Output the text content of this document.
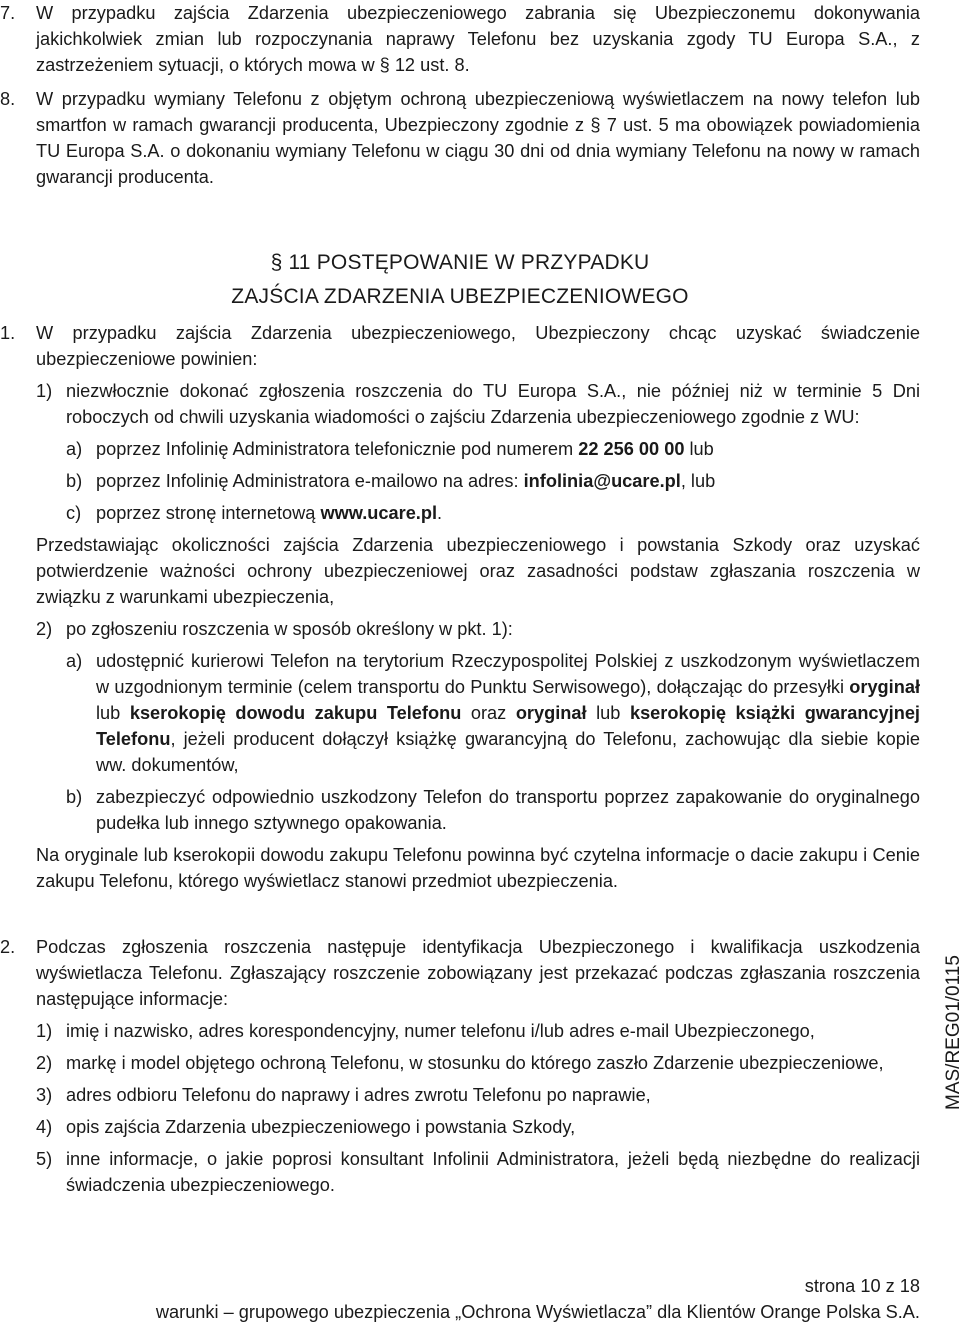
7. W przypadku zajścia Zdarzenia ubezpieczeniowego zabrania się Ubezpieczonemu dokonywania jakichkolwiek zmian lub rozpoczynania naprawy Telefonu bez uzyskania zgody TU Europa S.A., z zastrzeżeniem sytuacji, o których mowa w § 12 ust. 8.
8. W przypadku wymiany Telefonu z objętym ochroną ubezpieczeniową wyświetlaczem na nowy telefon lub smartfon w ramach gwarancji producenta, Ubezpieczony zgodnie z § 7 ust. 5 ma obowiązek powiadomienia TU Europa S.A. o dokonaniu wymiany Telefonu w ciągu 30 dni od dnia wymiany Telefonu na nowy w ramach gwarancji producenta.
§ 11 POSTĘPOWANIE W PRZYPADKU
ZAJŚCIA ZDARZENIA UBEZPIECZENIOWEGO
1. W przypadku zajścia Zdarzenia ubezpieczeniowego, Ubezpieczony chcąc uzyskać świadczenie ubezpieczeniowe powinien:
1) niezwłocznie dokonać zgłoszenia roszczenia do TU Europa S.A., nie później niż w terminie 5 Dni roboczych od chwili uzyskania wiadomości o zajściu Zdarzenia ubezpieczeniowego zgodnie z WU:
a) poprzez Infolinię Administratora telefonicznie pod numerem 22 256 00 00 lub
b) poprzez Infolinię Administratora e-mailowo na adres: infolinia@ucare.pl, lub
c) poprzez stronę internetową www.ucare.pl.
Przedstawiając okoliczności zajścia Zdarzenia ubezpieczeniowego i powstania Szkody oraz uzyskać potwierdzenie ważności ochrony ubezpieczeniowej oraz zasadności podstaw zgłaszania roszczenia w związku z warunkami ubezpieczenia,
2) po zgłoszeniu roszczenia w sposób określony w pkt. 1):
a) udostępnić kurierowi Telefon na terytorium Rzeczypospolitej Polskiej z uszkodzonym wyświetlaczem w uzgodnionym terminie (celem transportu do Punktu Serwisowego), dołączając do przesyłki oryginał lub kserokopię dowodu zakupu Telefonu oraz oryginał lub kserokopię książki gwarancyjnej Telefonu, jeżeli producent dołączył książkę gwarancyjną do Telefonu, zachowując dla siebie kopie ww. dokumentów,
b) zabezpieczyć odpowiednio uszkodzony Telefon do transportu poprzez zapakowanie do oryginalnego pudełka lub innego sztywnego opakowania.
Na oryginale lub kserokopii dowodu zakupu Telefonu powinna być czytelna informacje o dacie zakupu i Cenie zakupu Telefonu, którego wyświetlacz stanowi przedmiot ubezpieczenia.
2. Podczas zgłoszenia roszczenia następuje identyfikacja Ubezpieczonego i kwalifikacja uszkodzenia wyświetlacza Telefonu. Zgłaszający roszczenie zobowiązany jest przekazać podczas zgłaszania roszczenia następujące informacje:
1) imię i nazwisko, adres korespondencyjny, numer telefonu i/lub adres e-mail Ubezpieczonego,
2) markę i model objętego ochroną Telefonu, w stosunku do którego zaszło Zdarzenie ubezpieczeniowe,
3) adres odbioru Telefonu do naprawy i adres zwrotu Telefonu po naprawie,
4) opis zajścia Zdarzenia ubezpieczeniowego i powstania Szkody,
5) inne informacje, o jakie poprosi konsultant Infolinii Administratora, jeżeli będą niezbędne do realizacji świadczenia ubezpieczeniowego.
MAS/REG01/0115
strona 10 z 18
warunki – grupowego ubezpieczenia „Ochrona Wyświetlacza” dla Klientów Orange Polska S.A.
